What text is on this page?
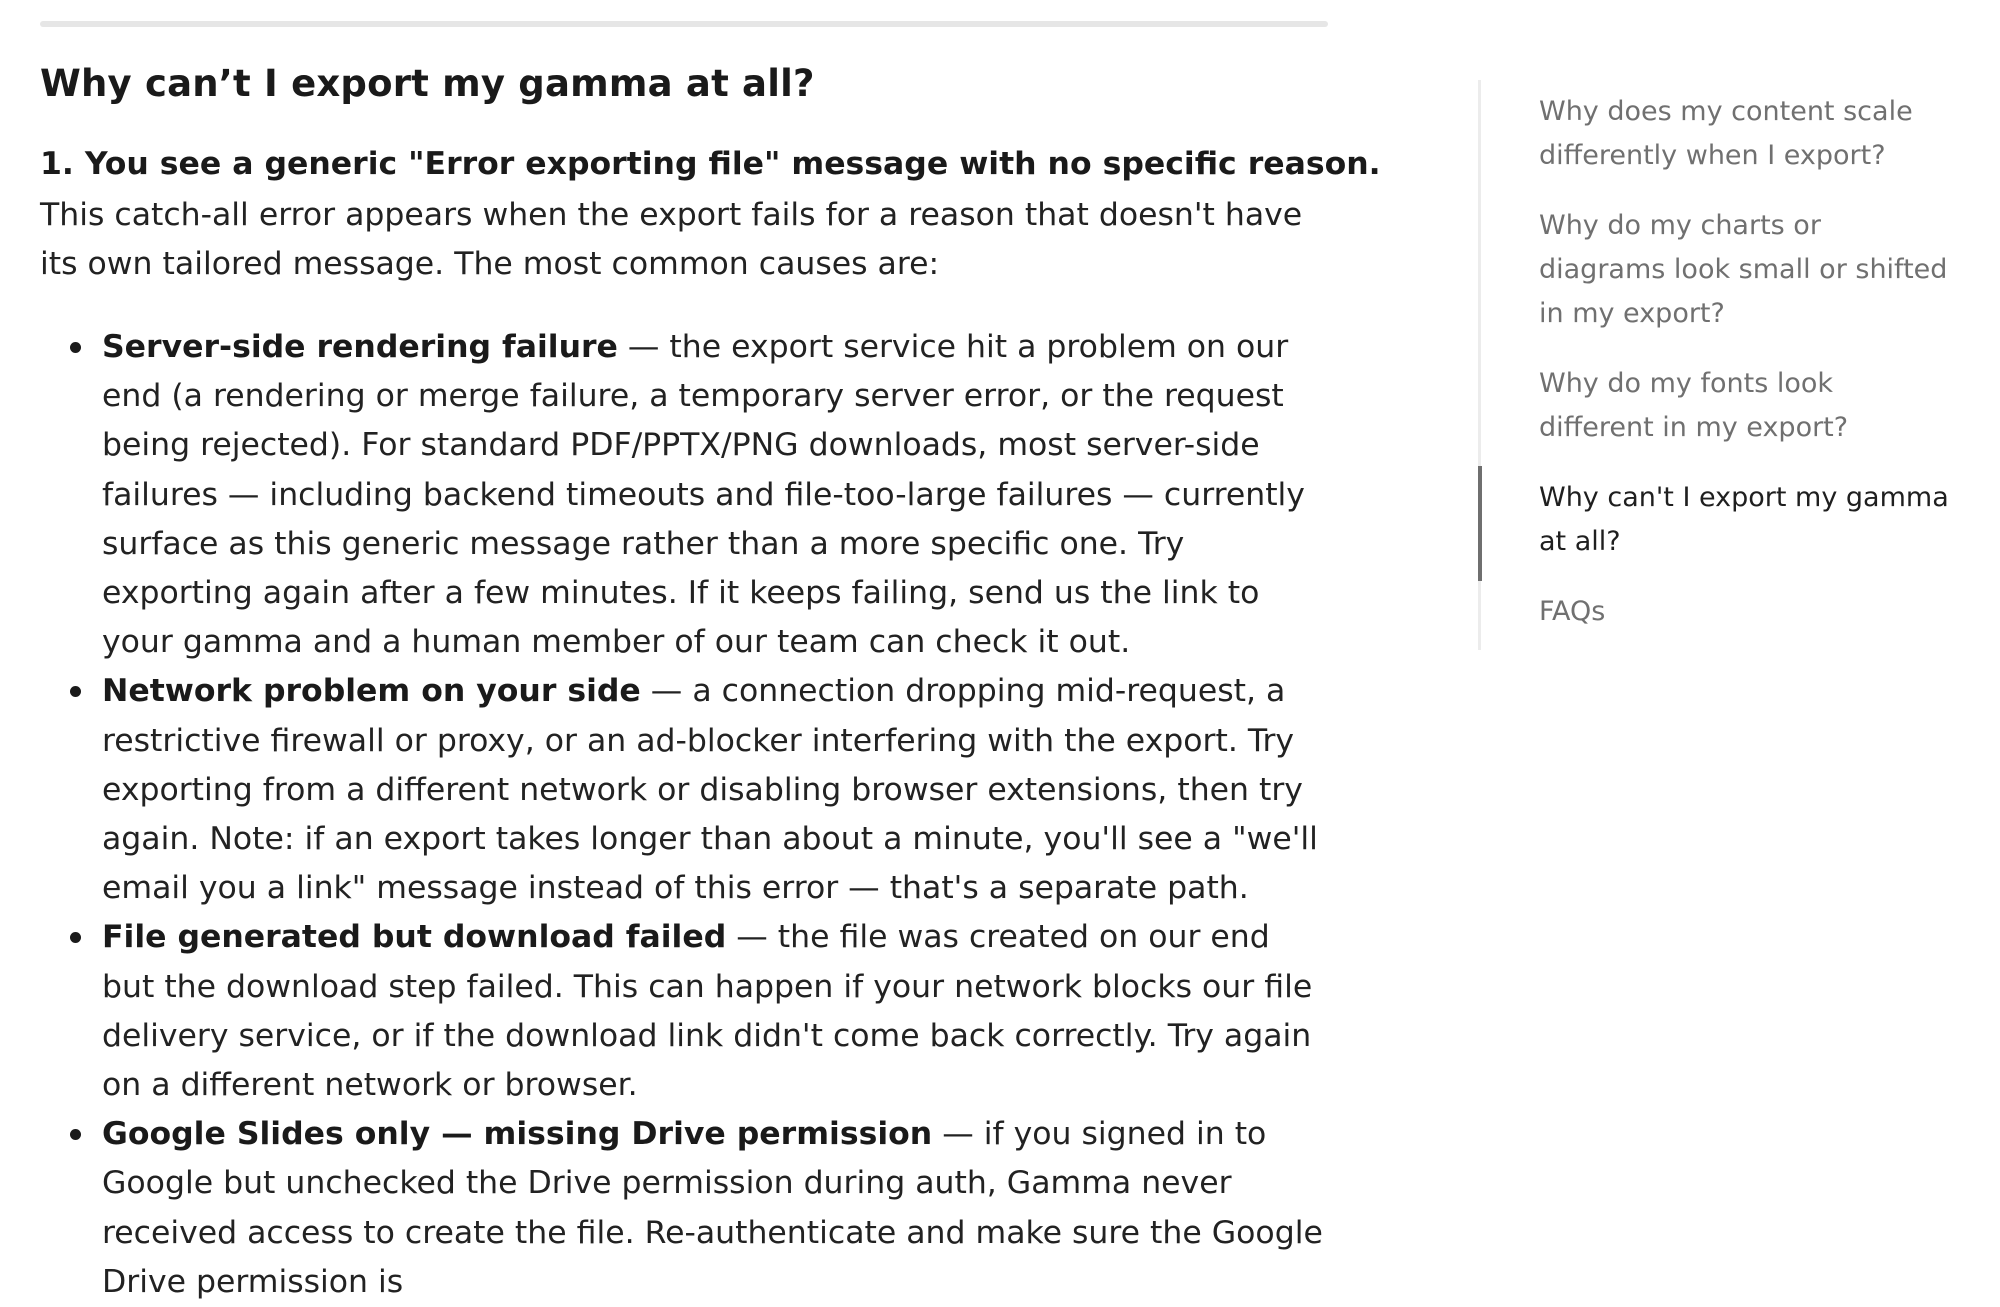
Why can’t I export my gamma at all?

1. You see a generic "Error exporting file" message with no specific reason.

This catch-all error appears when the export fails for a reason that doesn't have its own tailored message. The most common causes are:

Server-side rendering failure — the export service hit a problem on our end (a rendering or merge failure, a temporary server error, or the request being rejected). For standard PDF/PPTX/PNG downloads, most server-side failures — including backend timeouts and file-too-large failures — currently surface as this generic message rather than a more specific one. Try exporting again after a few minutes. If it keeps failing, send us the link to your gamma and a human member of our team can check it out.
Network problem on your side — a connection dropping mid-request, a restrictive firewall or proxy, or an ad-blocker interfering with the export. Try exporting from a different network or disabling browser extensions, then try again. Note: if an export takes longer than about a minute, you'll see a "we'll email you a link" message instead of this error — that's a separate path.
File generated but download failed — the file was created on our end but the download step failed. This can happen if your network blocks our file delivery service, or if the download link didn't come back correctly. Try again on a different network or browser.
Google Slides only — missing Drive permission — if you signed in to Google but unchecked the Drive permission during auth, Gamma never received access to create the file. Re-authenticate and make sure the Google Drive permission is
Why does my content scale differently when I export?
Why do my charts or diagrams look small or shifted in my export?
Why do my fonts look different in my export?
Why can't I export my gamma at all?
FAQs
